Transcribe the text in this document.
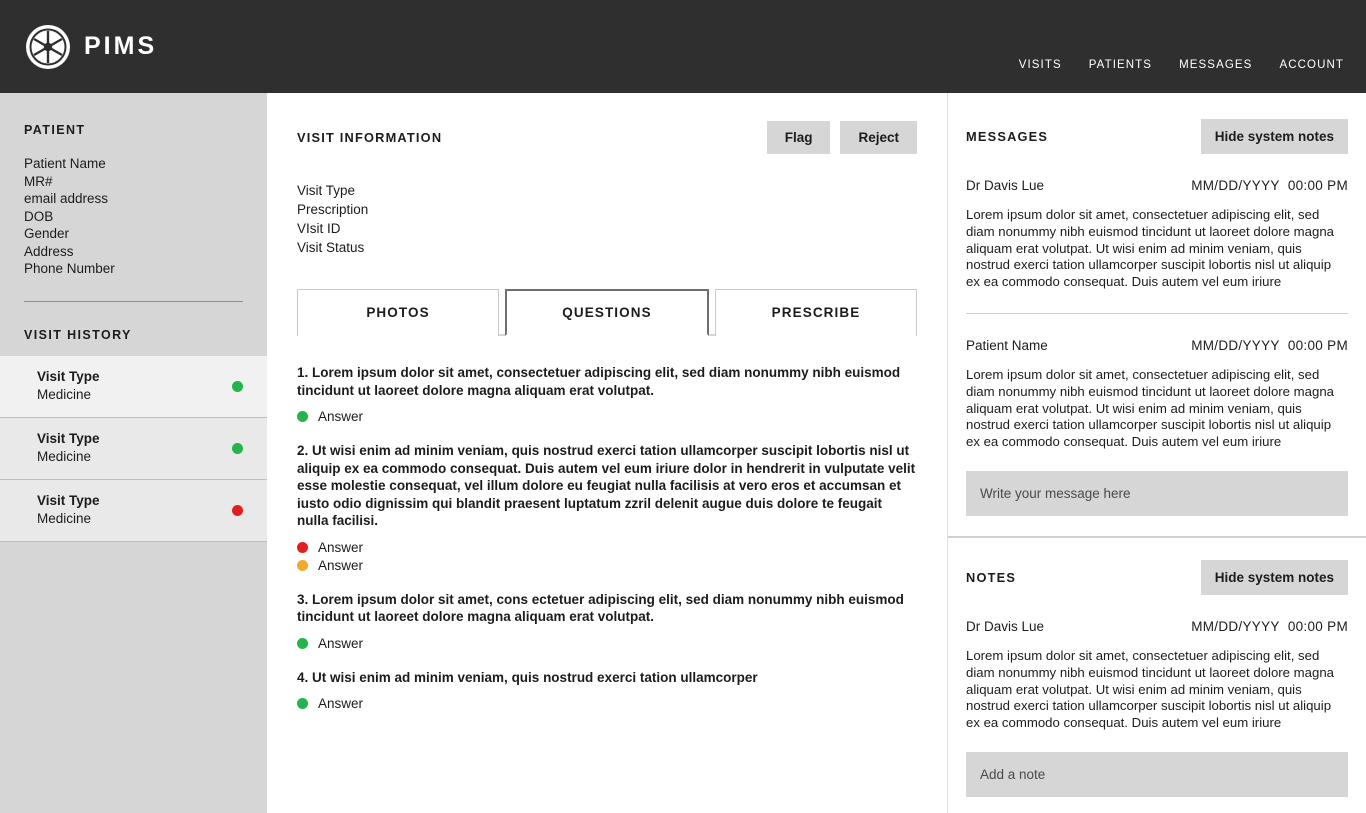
PIMS
VISITS PATIENTS MESSAGES ACCOUNT
PATIENT
Patient Name
MR#
email address
DOB
Gender
Address
Phone Number
VISIT HISTORY
Visit Type
Medicine
Visit Type
Medicine
Visit Type
Medicine
VISIT INFORMATION	Flag	Reject
Visit Type
Prescription
VIsit ID
Visit Status
PHOTOS	QUESTIONS	PRESCRIBE
1. Lorem ipsum dolor sit amet, consectetuer adipiscing elit, sed diam nonummy nibh euismod tincidunt ut laoreet dolore magna aliquam erat volutpat.
Answer
2. Ut wisi enim ad minim veniam, quis nostrud exerci tation ullamcorper suscipit lobortis nisl ut aliquip ex ea commodo consequat. Duis autem vel eum iriure dolor in hendrerit in vulputate velit esse molestie consequat, vel illum dolore eu feugiat nulla facilisis at vero eros et accumsan et iusto odio dignissim qui blandit praesent luptatum zzril delenit augue duis dolore te feugait nulla facilisi.
Answer
Answer
3. Lorem ipsum dolor sit amet, cons ectetuer adipiscing elit, sed diam nonummy nibh euismod tincidunt ut laoreet dolore magna aliquam erat volutpat.
Answer
4. Ut wisi enim ad minim veniam, quis nostrud exerci tation ullamcorper
Answer
MESSAGES	Hide system notes
Dr Davis Lue	MM/DD/YYYY 00:00 PM
Lorem ipsum dolor sit amet, consectetuer adipiscing elit, sed diam nonummy nibh euismod tincidunt ut laoreet dolore magna aliquam erat volutpat. Ut wisi enim ad minim veniam, quis nostrud exerci tation ullamcorper suscipit lobortis nisl ut aliquip ex ea commodo consequat. Duis autem vel eum iriure
Patient Name	MM/DD/YYYY 00:00 PM
Lorem ipsum dolor sit amet, consectetuer adipiscing elit, sed diam nonummy nibh euismod tincidunt ut laoreet dolore magna aliquam erat volutpat. Ut wisi enim ad minim veniam, quis nostrud exerci tation ullamcorper suscipit lobortis nisl ut aliquip ex ea commodo consequat. Duis autem vel eum iriure
Write your message here
NOTES	Hide system notes
Dr Davis Lue	MM/DD/YYYY 00:00 PM
Lorem ipsum dolor sit amet, consectetuer adipiscing elit, sed diam nonummy nibh euismod tincidunt ut laoreet dolore magna aliquam erat volutpat. Ut wisi enim ad minim veniam, quis nostrud exerci tation ullamcorper suscipit lobortis nisl ut aliquip ex ea commodo consequat. Duis autem vel eum iriure
Add a note
